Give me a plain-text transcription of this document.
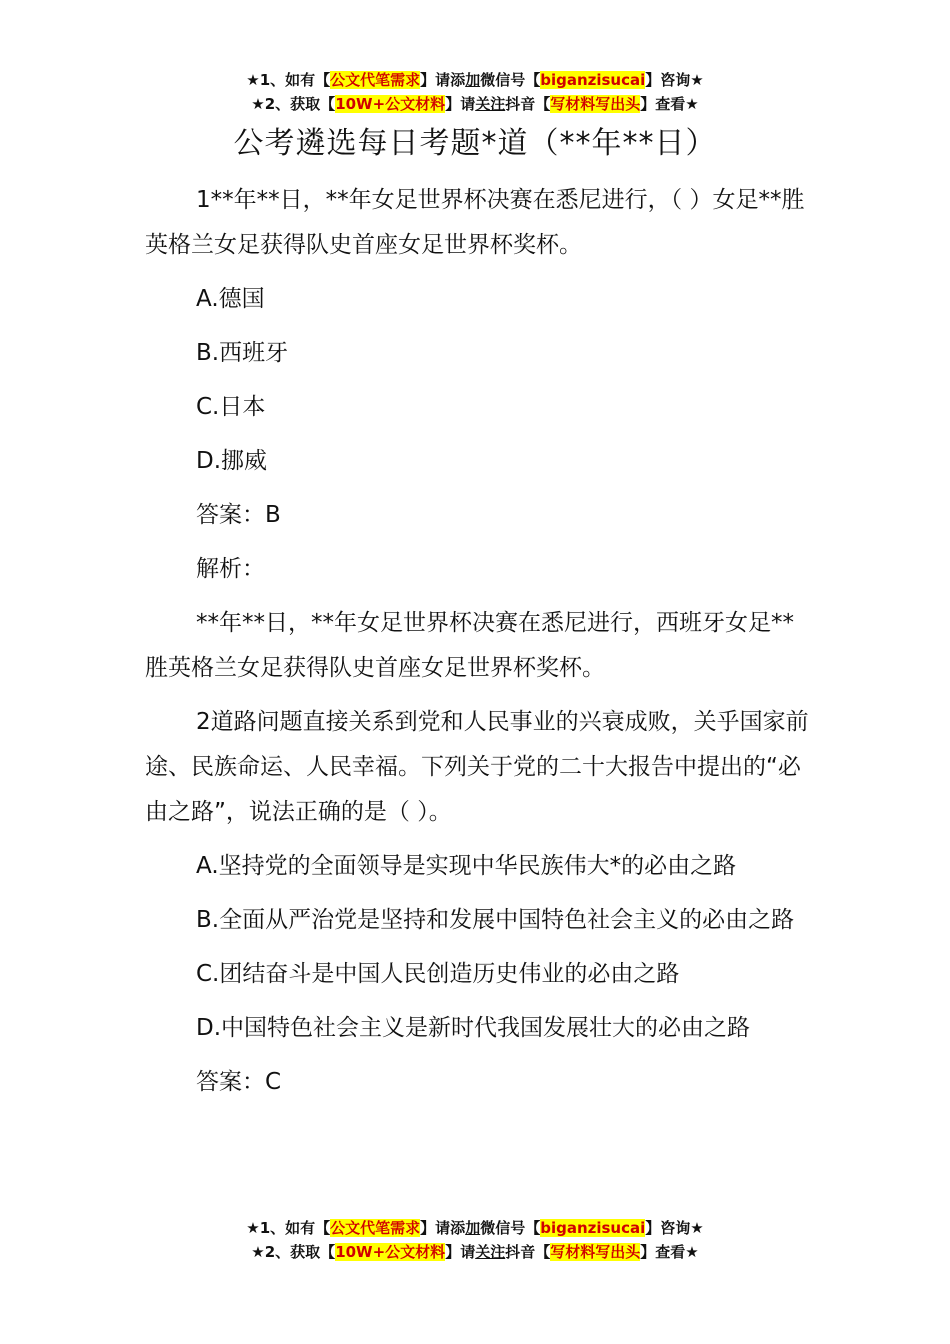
★1、如有【公文代笔需求】请添加微信号【biganzisucai】咨询★
★2、获取【10W+公文材料】请关注抖音【写材料写出头】查看★
公考遴选每日考题*道（**年**日）

1**年**日，**年女足世界杯决赛在悉尼进行，（ ）女足**胜英格兰女足获得队史首座女足世界杯奖杯。

A.德国

B.西班牙

C.日本

D.挪威

答案：B

解析：

**年**日，**年女足世界杯决赛在悉尼进行，西班牙女足**胜英格兰女足获得队史首座女足世界杯奖杯。

2道路问题直接关系到党和人民事业的兴衰成败，关乎国家前途、民族命运、人民幸福。下列关于党的二十大报告中提出的“必由之路”，说法正确的是（ ）。

A.坚持党的全面领导是实现中华民族伟大*的必由之路

B.全面从严治党是坚持和发展中国特色社会主义的必由之路

C.团结奋斗是中国人民创造历史伟业的必由之路

D.中国特色社会主义是新时代我国发展壮大的必由之路

答案：C

★1、如有【公文代笔需求】请添加微信号【biganzisucai】咨询★
★2、获取【10W+公文材料】请关注抖音【写材料写出头】查看★
